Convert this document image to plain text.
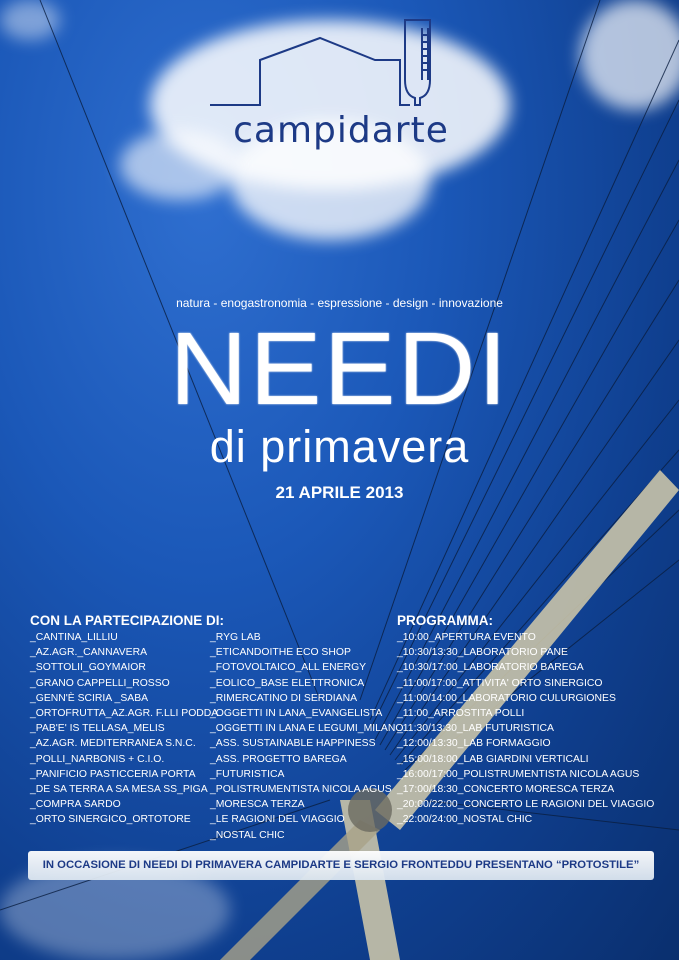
campidarte
natura - enogastronomia - espressione - design - innovazione
NEEDI
di primavera
21 APRILE 2013
CON LA PARTECIPAZIONE DI:
_CANTINA_LILLIU
_AZ.AGR._CANNAVERA
_SOTTOLII_GOYMAIOR
_GRANO CAPPELLI_ROSSO
_GENN'È SCIRIA _SABA
_ORTOFRUTTA_AZ.AGR. F.LLI PODDA
_PAB'E' IS TELLASA_MELIS
_AZ.AGR. MEDITERRANEA S.N.C.
_POLLI_NARBONIS + C.I.O.
_PANIFICIO PASTICCERIA PORTA
_DE SA TERRA A SA MESA SS_PIGA
_COMPRA SARDO
_ORTO SINERGICO_ORTOTORE
_RYG LAB
_ETICANDOITHE ECO SHOP
_FOTOVOLTAICO_ALL ENERGY
_EOLICO_BASE ELETTRONICA
_RIMERCATINO DI SERDIANA
_OGGETTI IN LANA_EVANGELISTA
_OGGETTI IN LANA E LEGUMI_MILANO
_ASS. SUSTAINABLE HAPPINESS
_ASS. PROGETTO BAREGA
_FUTURISTICA
_POLISTRUMENTISTA NICOLA AGUS
_MORESCA TERZA
_LE RAGIONI DEL VIAGGIO
_NOSTAL CHIC
PROGRAMMA:
_10:00_APERTURA EVENTO
_10:30/13:30_LABORATORIO PANE
_10:30/17:00_LABORATORIO BAREGA
_11:00/17:00_ATTIVITA' ORTO SINERGICO
_11:00/14:00_LABORATORIO CULURGIONES
_11:00_ARROSTITA POLLI
_11:30/13:30_LAB FUTURISTICA
_12:00/13:30_LAB FORMAGGIO
_15:00/18:00_LAB GIARDINI VERTICALI
_16:00/17:00_POLISTRUMENTISTA NICOLA AGUS
_17:00/18:30_CONCERTO MORESCA TERZA
_20:00/22:00_CONCERTO LE RAGIONI DEL VIAGGIO
_22:00/24:00_NOSTAL CHIC
IN OCCASIONE DI NEEDI DI PRIMAVERA CAMPIDARTE E SERGIO FRONTEDDU PRESENTANO “PROTOSTILE”
